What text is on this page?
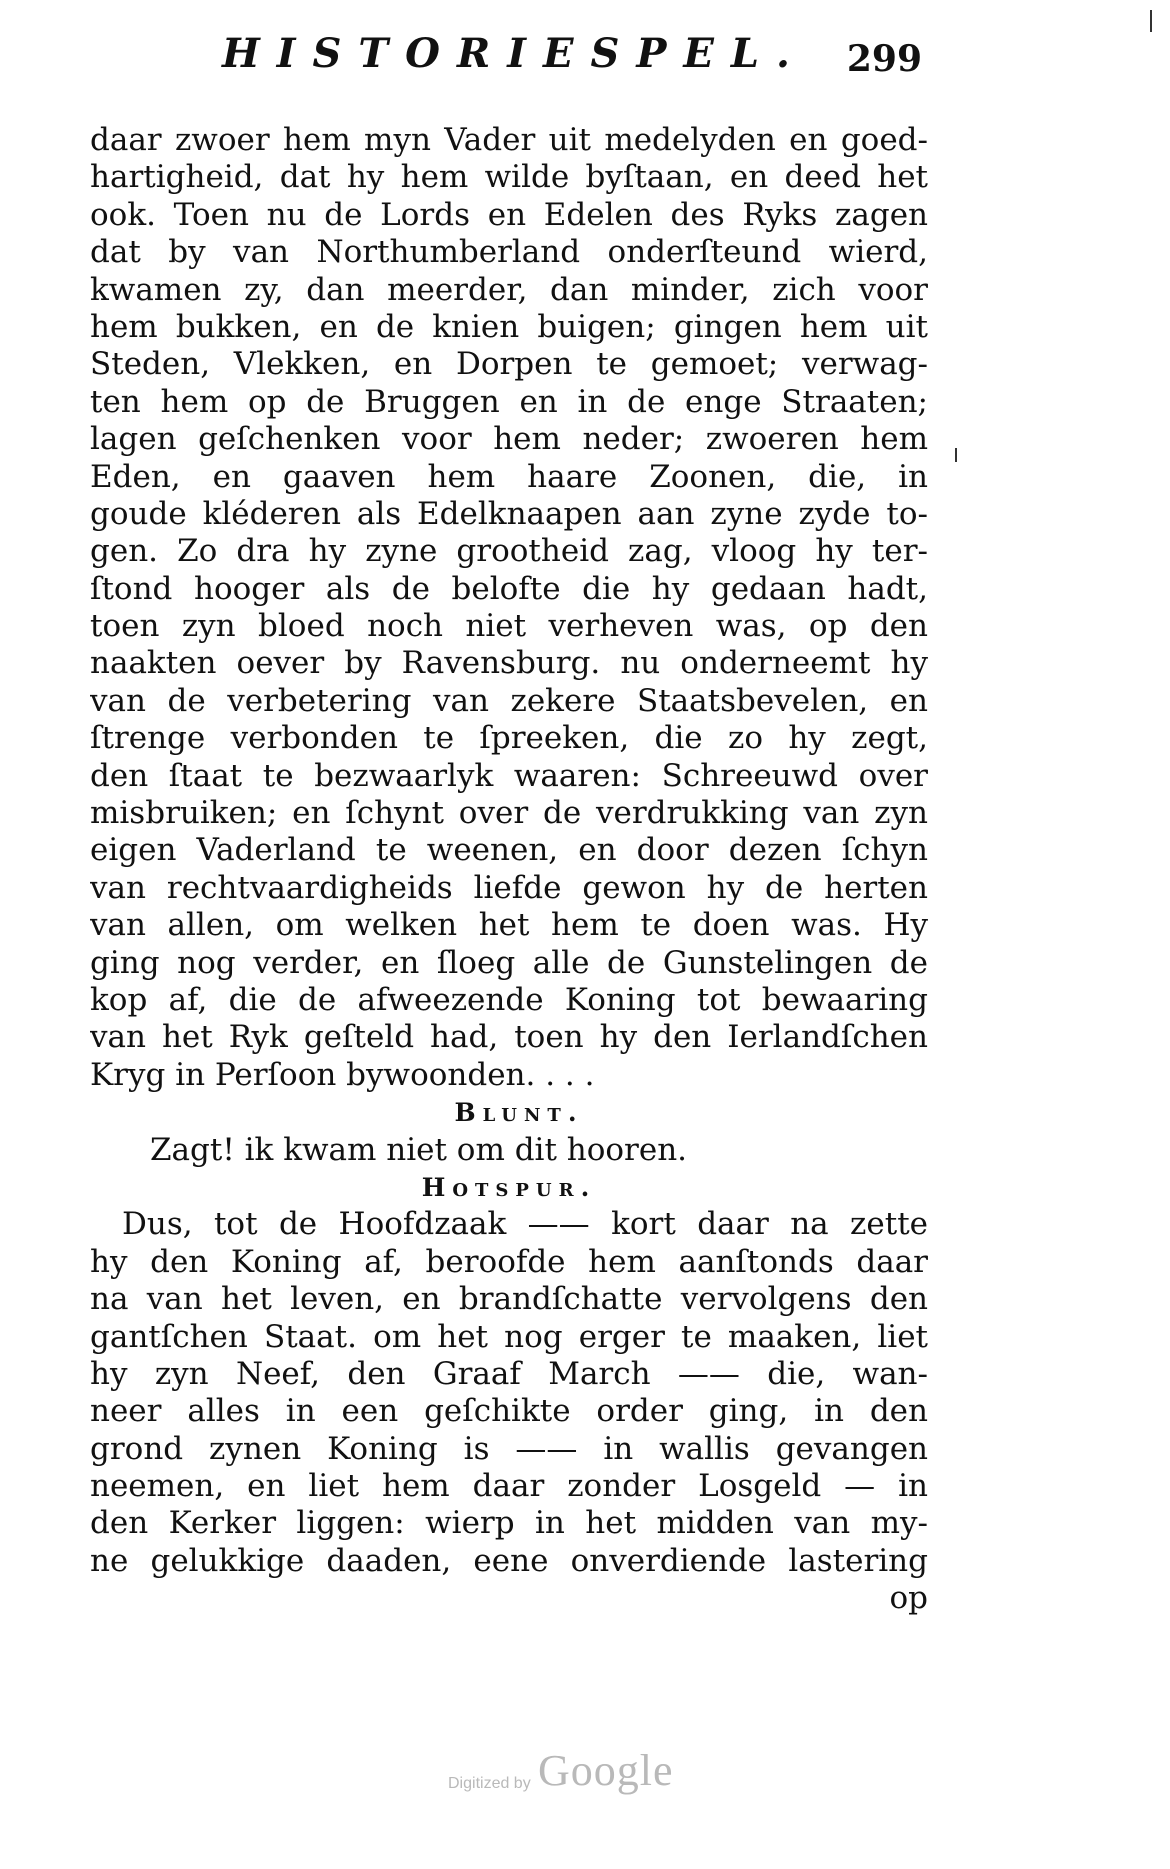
HISTORIESPEL. 299
daar zwoer hem myn Vader uit medelyden en goed-
hartigheid, dat hy hem wilde byſtaan, en deed het
ook. Toen nu de Lords en Edelen des Ryks zagen
dat by van Northumberland onderſteund wierd,
kwamen zy, dan meerder, dan minder, zich voor
hem bukken, en de knien buigen; gingen hem uit
Steden, Vlekken, en Dorpen te gemoet; verwag-
ten hem op de Bruggen en in de enge Straaten;
lagen geſchenken voor hem neder; zwoeren hem
Eden, en gaaven hem haare Zoonen, die, in
goude kléderen als Edelknaapen aan zyne zyde to-
gen. Zo dra hy zyne grootheid zag, vloog hy ter-
ſtond hooger als de belofte die hy gedaan hadt,
toen zyn bloed noch niet verheven was, op den
naakten oever by Ravensburg. nu onderneemt hy
van de verbetering van zekere Staatsbevelen, en
ſtrenge verbonden te ſpreeken, die zo hy zegt,
den ſtaat te bezwaarlyk waaren: Schreeuwd over
misbruiken; en ſchynt over de verdrukking van zyn
eigen Vaderland te weenen, en door dezen ſchyn
van rechtvaardigheids liefde gewon hy de herten
van allen, om welken het hem te doen was. Hy
ging nog verder, en ſloeg alle de Gunstelingen de
kop af, die de afweezende Koning tot bewaaring
van het Ryk geſteld had, toen hy den Ierlandſchen
Kryg in Perſoon bywoonden. . . .
Blunt.
Zagt! ik kwam niet om dit hooren.
Hotspur.
Dus, tot de Hoofdzaak —— kort daar na zette
hy den Koning af, beroofde hem aanſtonds daar
na van het leven, en brandſchatte vervolgens den
gantſchen Staat. om het nog erger te maaken, liet
hy zyn Neef, den Graaf March —— die, wan-
neer alles in een geſchikte order ging, in den
grond zynen Koning is —— in wallis gevangen
neemen, en liet hem daar zonder Losgeld — in
den Kerker liggen: wierp in het midden van my-
ne gelukkige daaden, eene onverdiende lastering
op
Digitized by Google
